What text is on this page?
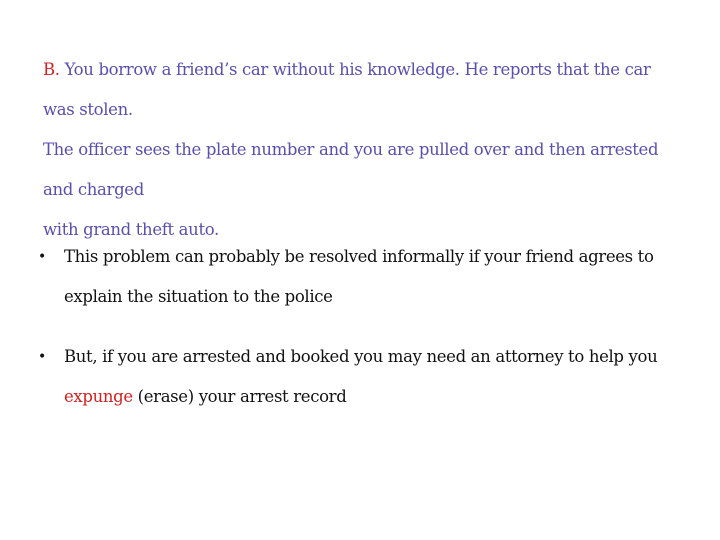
B. You borrow a friend’s car without his knowledge. He reports that the car was stolen.
The officer sees the plate number and you are pulled over and then arrested and charged
with grand theft auto.
• This problem can probably be resolved informally if your friend agrees to explain the situation to the police
• But, if you are arrested and booked you may need an attorney to help you expunge (erase) your arrest record
